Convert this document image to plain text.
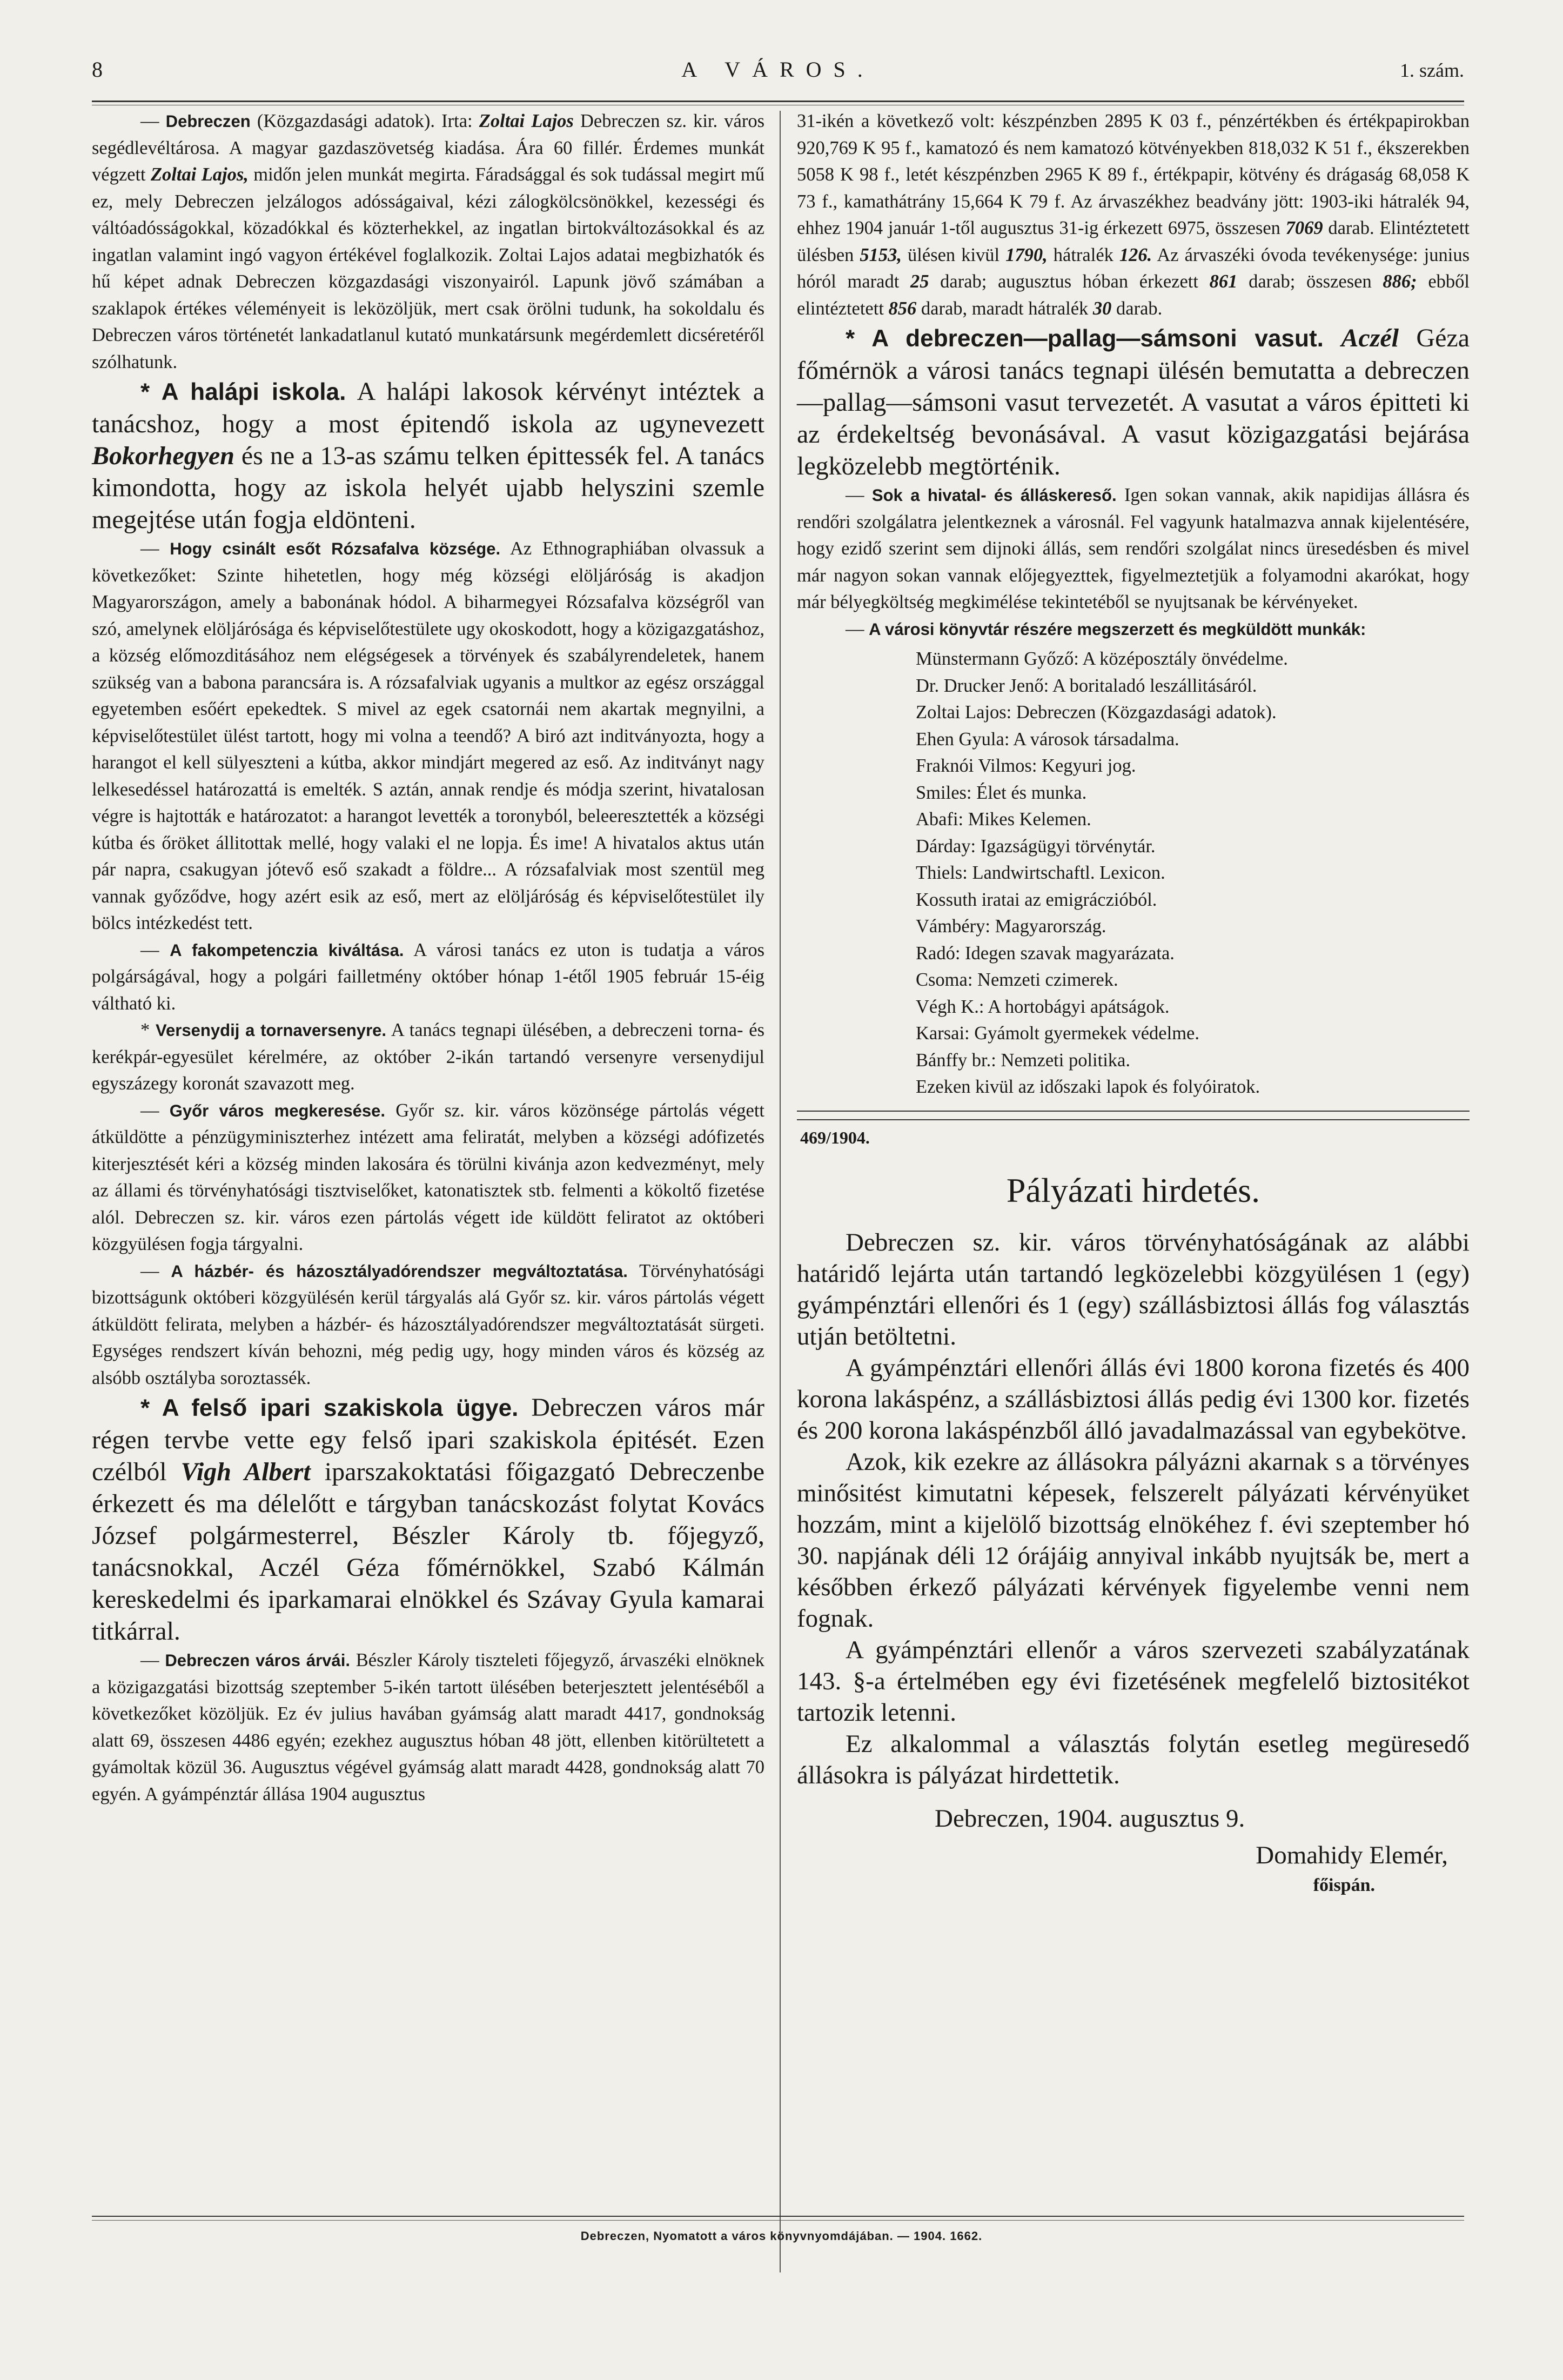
8	A VÁROS.	1. szám.

— Debreczen (Közgazdasági adatok). Irta: Zoltai Lajos Debreczen sz. kir. város segédlevéltárosa. A magyar gazdaszövetség kiadása. Ára 60 fillér. Érdemes munkát végzett Zoltai Lajos, midőn jelen munkát megirta. Fáradsággal és sok tudással megirt mű ez, mely Debreczen jelzálogos adósságaival, kézi zálogkölcsönökkel, kezességi és váltóadósságokkal, közadókkal és közterhekkel, az ingatlan birtokváltozásokkal és az ingatlan valamint ingó vagyon értékével foglalkozik. Zoltai Lajos adatai megbizhatók és hű képet adnak Debreczen közgazdasági viszonyairól. Lapunk jövő számában a szaklapok értékes véleményeit is leközöljük, mert csak örölni tudunk, ha sokoldalu és Debreczen város történetét lankadatlanul kutató munkatársunk megérdemlett dicséretéről szólhatunk.

* A halápi iskola. A halápi lakosok kérvényt intéztek a tanácshoz, hogy a most épitendő iskola az ugynevezett Bokorhegyen és ne a 13-as számu telken épittessék fel. A tanács kimondotta, hogy az iskola helyét ujabb helyszini szemle megejtése után fogja eldönteni.

— Hogy csinált esőt Rózsafalva községe. Az Ethnographiában olvassuk a következőket: Szinte hihetetlen, hogy még községi elöljáróság is akadjon Magyarországon, amely a babonának hódol. A biharmegyei Rózsafalva községről van szó, amelynek elöljárósága és képviselőtestülete ugy okoskodott, hogy a közigazgatáshoz, a község előmozditásához nem elégségesek a törvények és szabályrendeletek, hanem szükség van a babona parancsára is. A rózsafalviak ugyanis a multkor az egész országgal egyetemben esőért epekedtek. S mivel az egek csatornái nem akartak megnyilni, a képviselőtestület ülést tartott, hogy mi volna a teendő? A biró azt inditványozta, hogy a harangot el kell sülyeszteni a kútba, akkor mindjárt megered az eső. Az inditványt nagy lelkesedéssel határozattá is emelték. S aztán, annak rendje és módja szerint, hivatalosan végre is hajtották e határozatot: a harangot levették a toronyból, beleeresztették a községi kútba és őröket állitottak mellé, hogy valaki el ne lopja. És ime! A hivatalos aktus után pár napra, csakugyan jótevő eső szakadt a földre... A rózsafalviak most szentül meg vannak győződve, hogy azért esik az eső, mert az elöljáróság és képviselőtestület ily bölcs intézkedést tett.

— A fakompetenczia kiváltása. A városi tanács ez uton is tudatja a város polgárságával, hogy a polgári failletmény október hónap 1-étől 1905 február 15-éig váltható ki.

* Versenydij a tornaversenyre. A tanács tegnapi ülésében, a debreczeni torna- és kerékpár-egyesület kérelmére, az október 2-ikán tartandó versenyre versenydijul egyszázegy koronát szavazott meg.

— Győr város megkeresése. Győr sz. kir. város közönsége pártolás végett átküldötte a pénzügyminiszterhez intézett ama feliratát, melyben a községi adófizetés kiterjesztését kéri a község minden lakosára és törülni kivánja azon kedvezményt, mely az állami és törvényhatósági tisztviselőket, katonatisztek stb. felmenti a kökoltő fizetése alól. Debreczen sz. kir. város ezen pártolás végett ide küldött feliratot az októberi közgyülésen fogja tárgyalni.

— A házbér- és házosztályadórendszer megváltoztatása. Törvényhatósági bizottságunk októberi közgyülésén kerül tárgyalás alá Győr sz. kir. város pártolás végett átküldött felirata, melyben a házbér- és házosztályadórendszer megváltoztatását sürgeti. Egységes rendszert kíván behozni, még pedig ugy, hogy minden város és község az alsóbb osztályba soroztassék.

* A felső ipari szakiskola ügye. Debreczen város már régen tervbe vette egy felső ipari szakiskola épitését. Ezen czélból Vigh Albert iparszakoktatási főigazgató Debreczenbe érkezett és ma délelőtt e tárgyban tanácskozást folytat Kovács József polgármesterrel, Bészler Károly tb. főjegyző, tanácsnokkal, Aczél Géza főmérnökkel, Szabó Kálmán kereskedelmi és iparkamarai elnökkel és Szávay Gyula kamarai titkárral.

— Debreczen város árvái. Bészler Károly tiszteleti főjegyző, árvaszéki elnöknek a közigazgatási bizottság szeptember 5-ikén tartott ülésében beterjesztett jelentéséből a következőket közöljük. Ez év julius havában gyámság alatt maradt 4417, gondnokság alatt 69, összesen 4486 egyén; ezekhez augusztus hóban 48 jött, ellenben kitörültetett a gyámoltak közül 36. Augusztus végével gyámság alatt maradt 4428, gondnokság alatt 70 egyén. A gyámpénztár állása 1904 augusztus

31-ikén a következő volt: készpénzben 2895 K 03 f., pénzértékben és értékpapirokban 920,769 K 95 f., kamatozó és nem kamatozó kötvényekben 818,032 K 51 f., ékszerekben 5058 K 98 f., letét készpénzben 2965 K 89 f., értékpapir, kötvény és drágaság 68,058 K 73 f., kamathátrány 15,664 K 79 f. Az árvaszékhez beadvány jött: 1903-iki hátralék 94, ehhez 1904 január 1-től augusztus 31-ig érkezett 6975, összesen 7069 darab. Elintéztetett ülésben 5153, ülésen kivül 1790, hátralék 126. Az árvaszéki óvoda tevékenysége: junius hóról maradt 25 darab; augusztus hóban érkezett 861 darab; összesen 886; ebből elintéztetett 856 darab, maradt hátralék 30 darab.

* A debreczen—pallag—sámsoni vasut. Aczél Géza főmérnök a városi tanács tegnapi ülésén bemutatta a debreczen—pallag—sámsoni vasut tervezetét. A vasutat a város épitteti ki az érdekeltség bevonásával. A vasut közigazgatási bejárása legközelebb megtörténik.

— Sok a hivatal- és álláskereső. Igen sokan vannak, akik napidijas állásra és rendőri szolgálatra jelentkeznek a városnál. Fel vagyunk hatalmazva annak kijelentésére, hogy ezidő szerint sem dijnoki állás, sem rendőri szolgálat nincs üresedésben és mivel már nagyon sokan vannak előjegyezttek, figyelmeztetjük a folyamodni akarókat, hogy már bélyegköltség megkimélése tekintetéből se nyujtsanak be kérvényeket.

— A városi könyvtár részére megszerzett és megküldött munkák:

Münstermann Győző: A középosztály önvédelme.
Dr. Drucker Jenő: A boritaladó leszállitásáról.
Zoltai Lajos: Debreczen (Közgazdasági adatok).
Ehen Gyula: A városok társadalma.
Fraknói Vilmos: Kegyuri jog.
Smiles: Élet és munka.
Abafi: Mikes Kelemen.
Dárday: Igazságügyi törvénytár.
Thiels: Landwirtschaftl. Lexicon.
Kossuth iratai az emigráczióból.
Vámbéry: Magyarország.
Radó: Idegen szavak magyarázata.
Csoma: Nemzeti czimerek.
Végh K.: A hortobágyi apátságok.
Karsai: Gyámolt gyermekek védelme.
Bánffy br.: Nemzeti politika.
Ezeken kivül az időszaki lapok és folyóiratok.
469/1904.
Pályázati hirdetés.

Debreczen sz. kir. város törvényhatóságának az alábbi határidő lejárta után tartandó legközelebbi közgyülésen 1 (egy) gyámpénztári ellenőri és 1 (egy) szállásbiztosi állás fog választás utján betöltetni.

A gyámpénztári ellenőri állás évi 1800 korona fizetés és 400 korona lakáspénz, a szállásbiztosi állás pedig évi 1300 kor. fizetés és 200 korona lakáspénzből álló javadalmazással van egybekötve.

Azok, kik ezekre az állásokra pályázni akarnak s a törvényes minősitést kimutatni képesek, felszerelt pályázati kérvényüket hozzám, mint a kijelölő bizottság elnökéhez f. évi szeptember hó 30. napjának déli 12 órájáig annyival inkább nyujtsák be, mert a későbben érkező pályázati kérvények figyelembe venni nem fognak.

A gyámpénztári ellenőr a város szervezeti szabályzatának 143. §-a értelmében egy évi fizetésének megfelelő biztositékot tartozik letenni.

Ez alkalommal a választás folytán esetleg megüresedő állásokra is pályázat hirdettetik.

Debreczen, 1904. augusztus 9.
Domahidy Elemér,
főispán.
Debreczen, Nyomatott a város könyvnyomdájában. — 1904. 1662.
